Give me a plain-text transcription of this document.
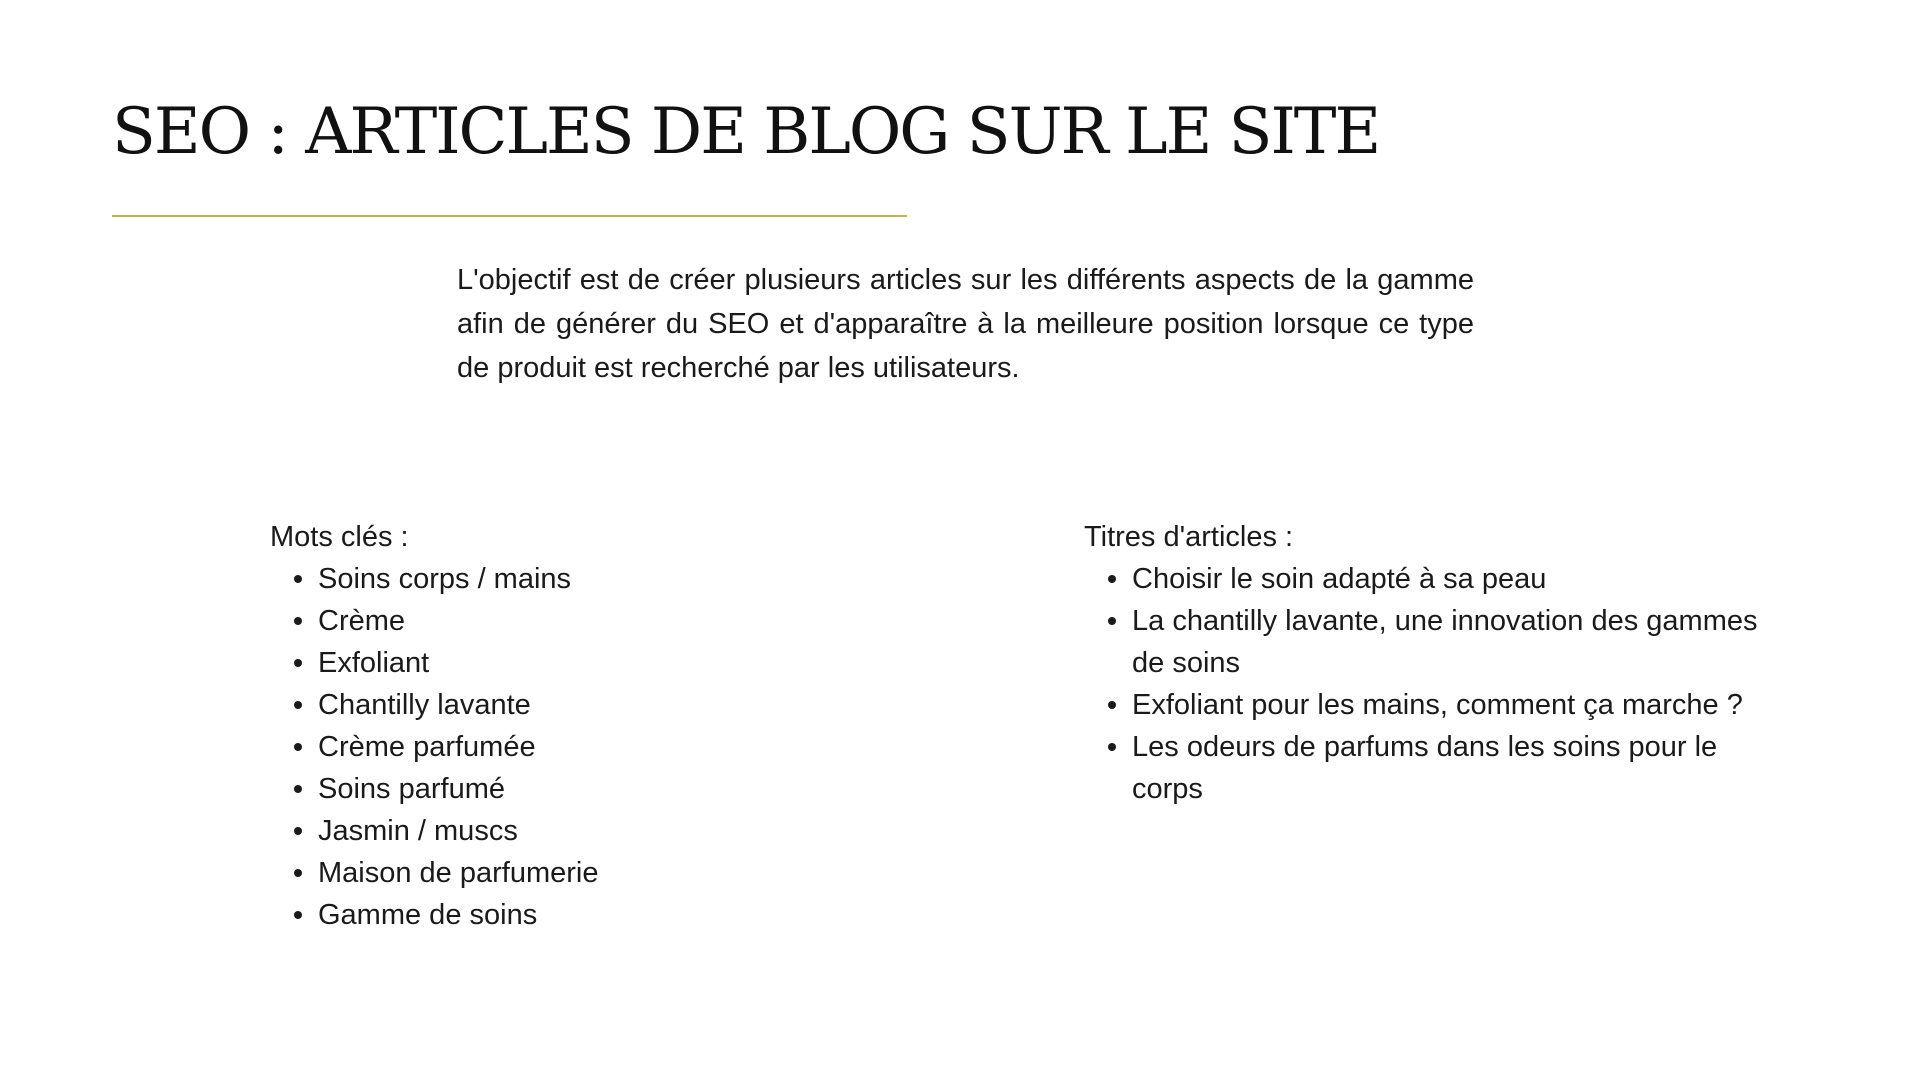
SEO : ARTICLES DE BLOG SUR LE SITE

L'objectif est de créer plusieurs articles sur les différents aspects de la gamme afin de générer du SEO et d'apparaître à la meilleure position lorsque ce type de produit est recherché par les utilisateurs.

Mots clés :

Soins corps / mains
Crème
Exfoliant
Chantilly lavante
Crème parfumée
Soins parfumé
Jasmin / muscs
Maison de parfumerie
Gamme de soins

Titres d'articles :

Choisir le soin adapté à sa peau
La chantilly lavante, une innovation des gammes de soins
Exfoliant pour les mains, comment ça marche ?
Les odeurs de parfums dans les soins pour le corps
